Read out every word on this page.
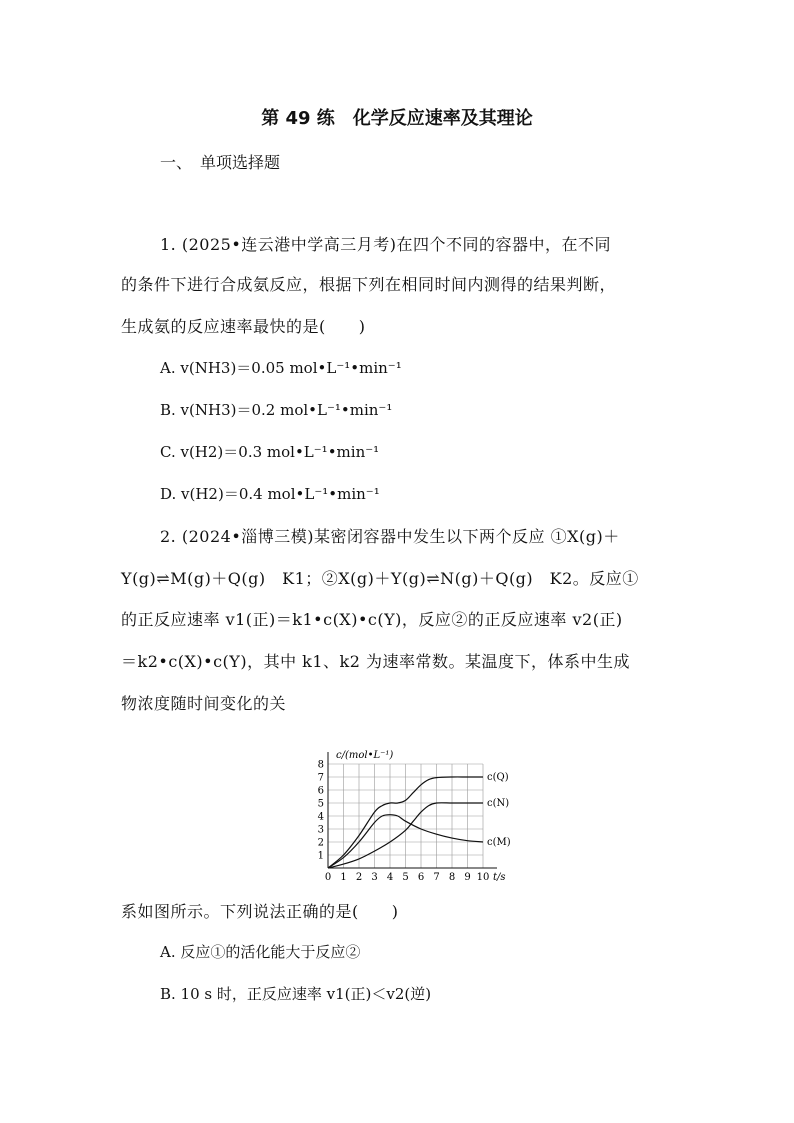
第 49 练　化学反应速率及其理论
一、　单项选择题
1. (2025•连云港中学高三月考)在四个不同的容器中，在不同
的条件下进行合成氨反应，根据下列在相同时间内测得的结果判断，
生成氨的反应速率最快的是(　　)
A. v(NH3)＝0.05 mol•L⁻¹•min⁻¹
B. v(NH3)＝0.2 mol•L⁻¹•min⁻¹
C. v(H2)＝0.3 mol•L⁻¹•min⁻¹
D. v(H2)＝0.4 mol•L⁻¹•min⁻¹
2. (2024•淄博三模)某密闭容器中发生以下两个反应 ①X(g)＋
Y(g)⇌M(g)＋Q(g)　K1；②X(g)＋Y(g)⇌N(g)＋Q(g)　K2。反应①
的正反应速率 v1(正)＝k1•c(X)•c(Y)，反应②的正反应速率 v2(正)
＝k2•c(X)•c(Y)，其中 k1、k2 为速率常数。某温度下，体系中生成
物浓度随时间变化的关
0 1 2 3 4 5 6 7 8 9 10
1
2
3
4
5
6
7
8
c/(mol•L⁻¹)
t/s
c(Q)
c(N)
c(M)
系如图所示。下列说法正确的是(　　)
A. 反应①的活化能大于反应②
B. 10 s 时，正反应速率 v1(正)＜v2(逆)
